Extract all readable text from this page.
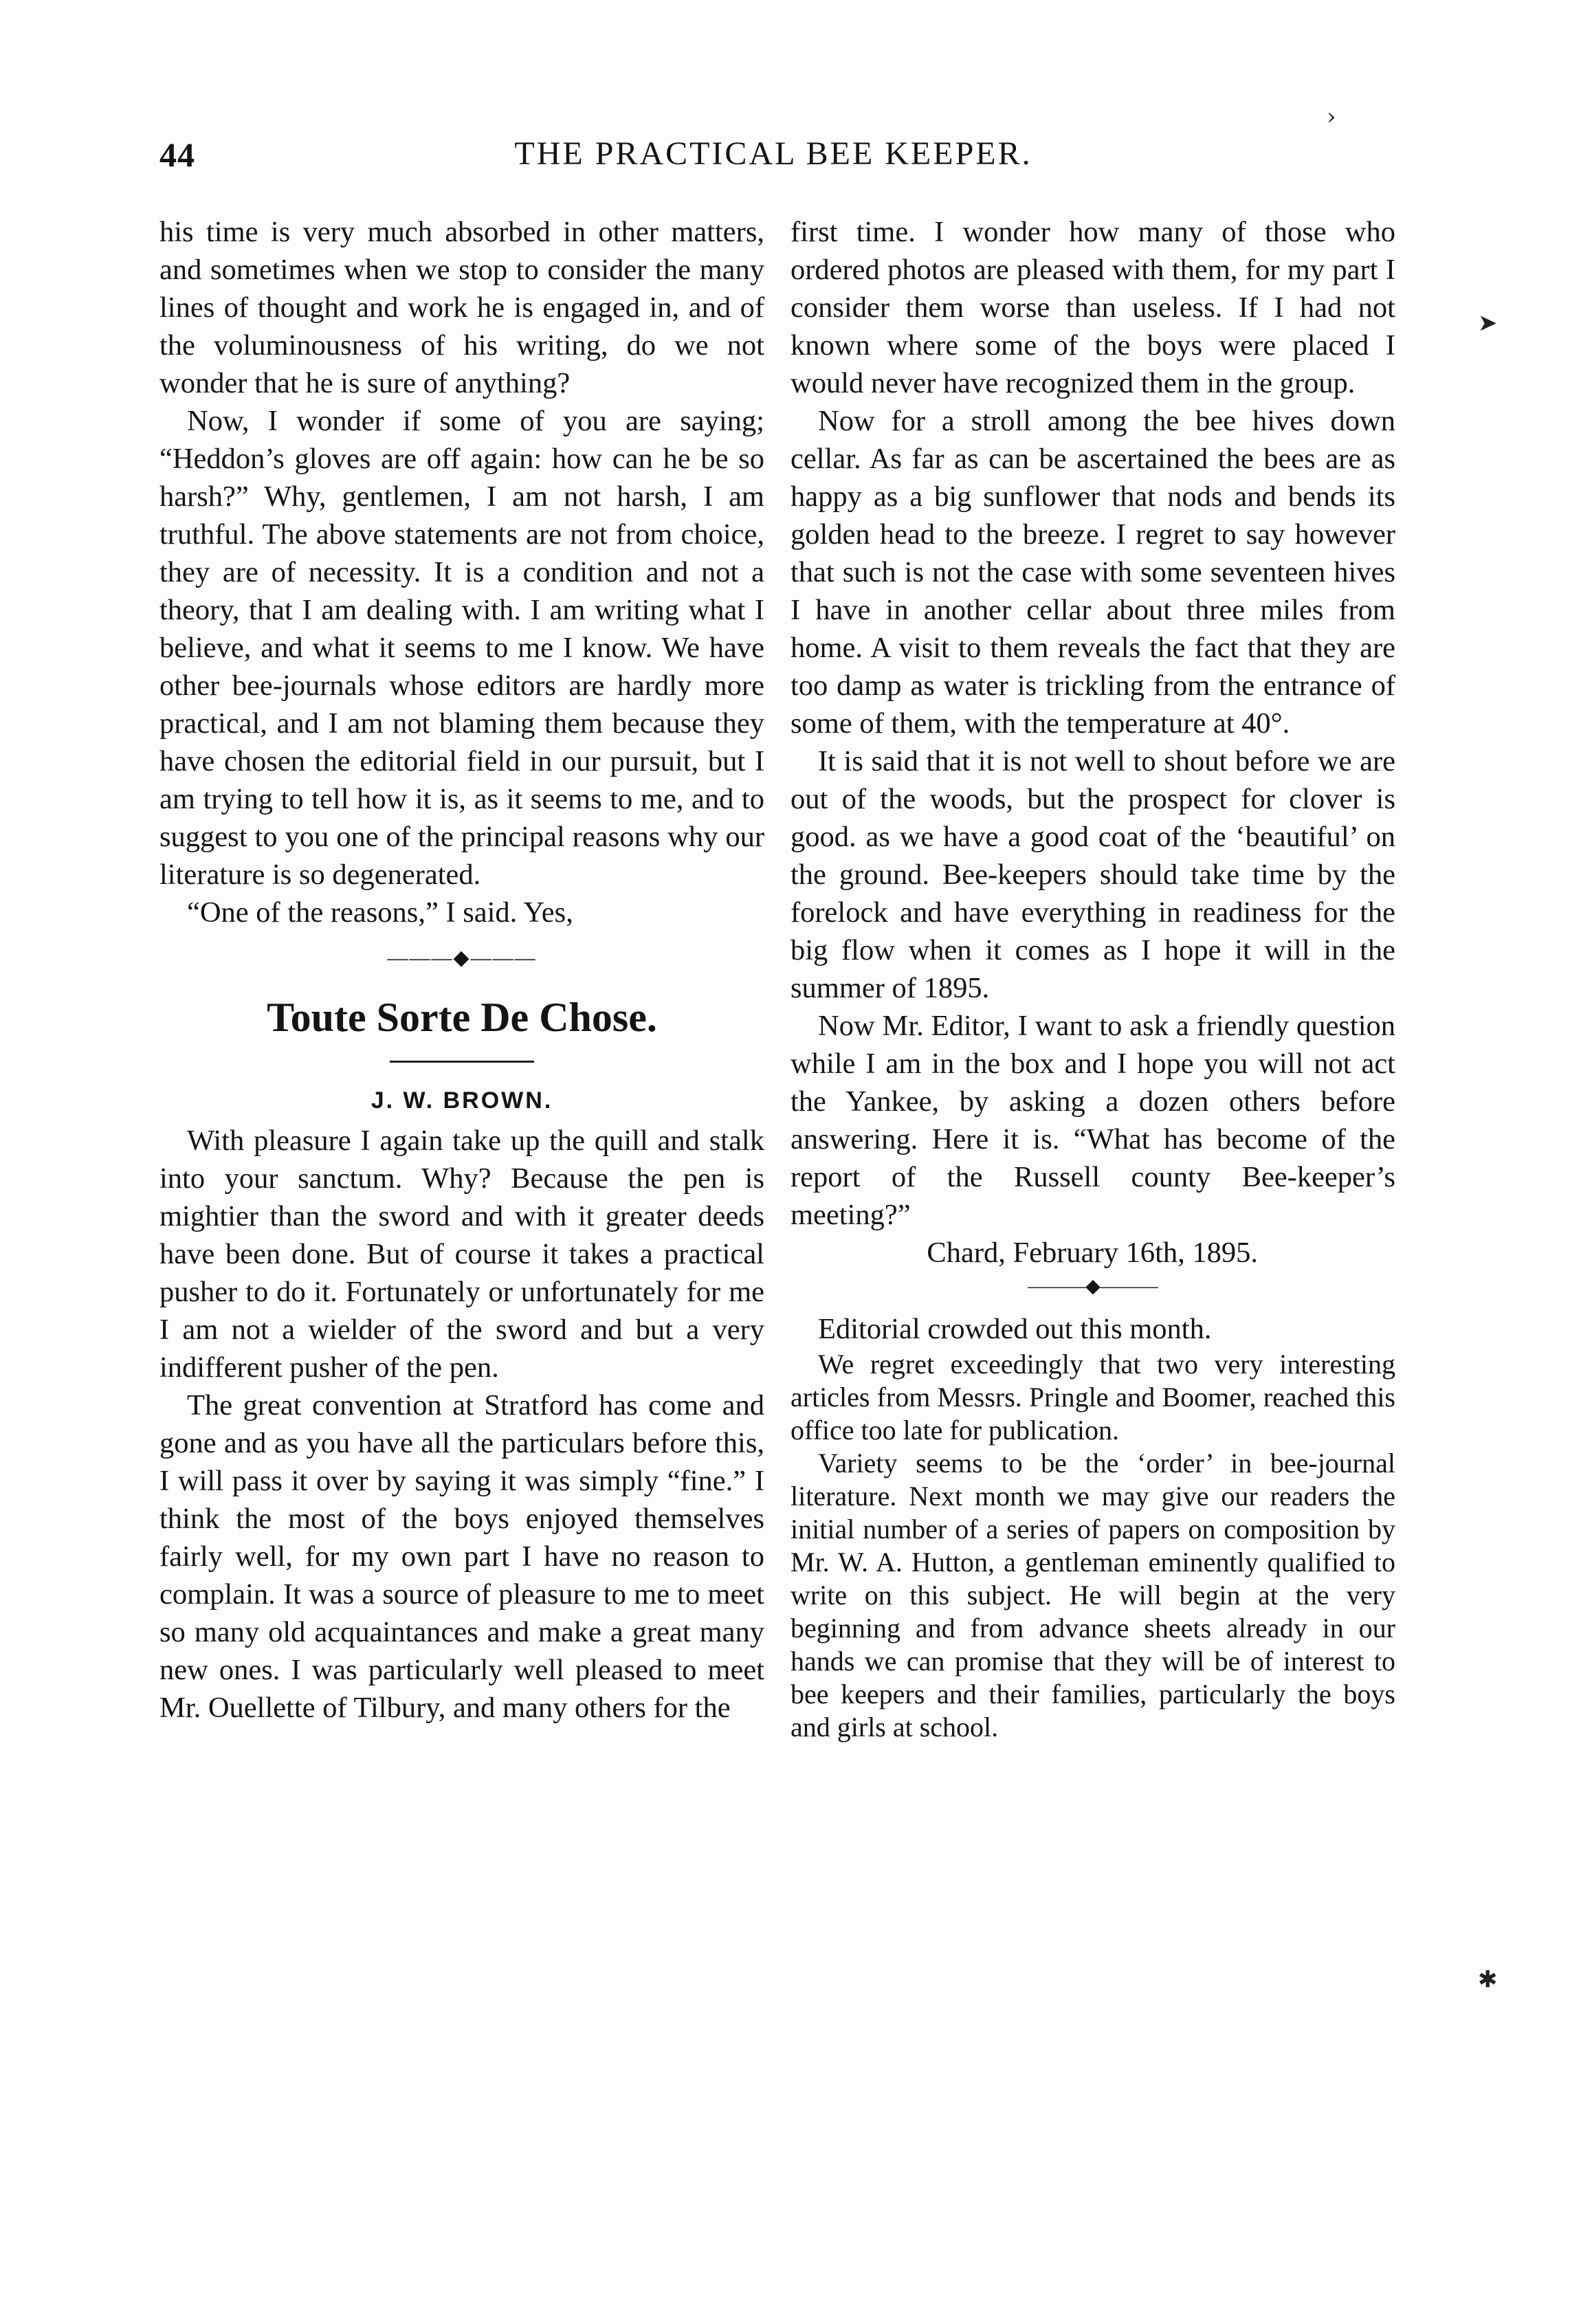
44	THE PRACTICAL BEE KEEPER.

his time is very much absorbed in other matters, and sometimes when we stop to consider the many lines of thought and work he is engaged in, and of the voluminousness of his writing, do we not wonder that he is sure of anything?

Now, I wonder if some of you are saying; “Heddon’s gloves are off again: how can he be so harsh?” Why, gentlemen, I am not harsh, I am truthful. The above statements are not from choice, they are of necessity. It is a condition and not a theory, that I am dealing with. I am writing what I believe, and what it seems to me I know. We have other bee-journals whose editors are hardly more practical, and I am not blaming them because they have chosen the editorial field in our pursuit, but I am trying to tell how it is, as it seems to me, and to suggest to you one of the principal reasons why our literature is so degenerated.

“One of the reasons,” I said. Yes,

———◆———
Toute Sorte De Chose.
J. W. BROWN.

With pleasure I again take up the quill and stalk into your sanctum. Why? Because the pen is mightier than the sword and with it greater deeds have been done. But of course it takes a practical pusher to do it. Fortunately or unfortunately for me I am not a wielder of the sword and but a very indifferent pusher of the pen.

The great convention at Stratford has come and gone and as you have all the particulars before this, I will pass it over by saying it was simply “fine.” I think the most of the boys enjoyed themselves fairly well, for my own part I have no reason to complain. It was a source of pleasure to me to meet so many old acquaintances and make a great many new ones. I was particularly well pleased to meet Mr. Ouellette of Tilbury, and many others for the

first time. I wonder how many of those who ordered photos are pleased with them, for my part I consider them worse than useless. If I had not known where some of the boys were placed I would never have recognized them in the group.

Now for a stroll among the bee hives down cellar. As far as can be ascertained the bees are as happy as a big sunflower that nods and bends its golden head to the breeze. I regret to say however that such is not the case with some seventeen hives I have in another cellar about three miles from home. A visit to them reveals the fact that they are too damp as water is trickling from the entrance of some of them, with the temperature at 40°.

It is said that it is not well to shout before we are out of the woods, but the prospect for clover is good. as we have a good coat of the ‘beautiful’ on the ground. Bee-keepers should take time by the forelock and have everything in readiness for the big flow when it comes as I hope it will in the summer of 1895.

Now Mr. Editor, I want to ask a friendly question while I am in the box and I hope you will not act the Yankee, by asking a dozen others before answering. Here it is. “What has become of the report of the Russell county Bee-keeper’s meeting?”

Chard, February 16th, 1895.

———◆———

Editorial crowded out this month.

We regret exceedingly that two very interesting articles from Messrs. Pringle and Boomer, reached this office too late for publication.

Variety seems to be the ‘order’ in bee-journal literature. Next month we may give our readers the initial number of a series of papers on composition by Mr. W. A. Hutton, a gentleman eminently qualified to write on this subject. He will begin at the very beginning and from advance sheets already in our hands we can promise that they will be of interest to bee keepers and their families, particularly the boys and girls at school.

›
➤
✱
